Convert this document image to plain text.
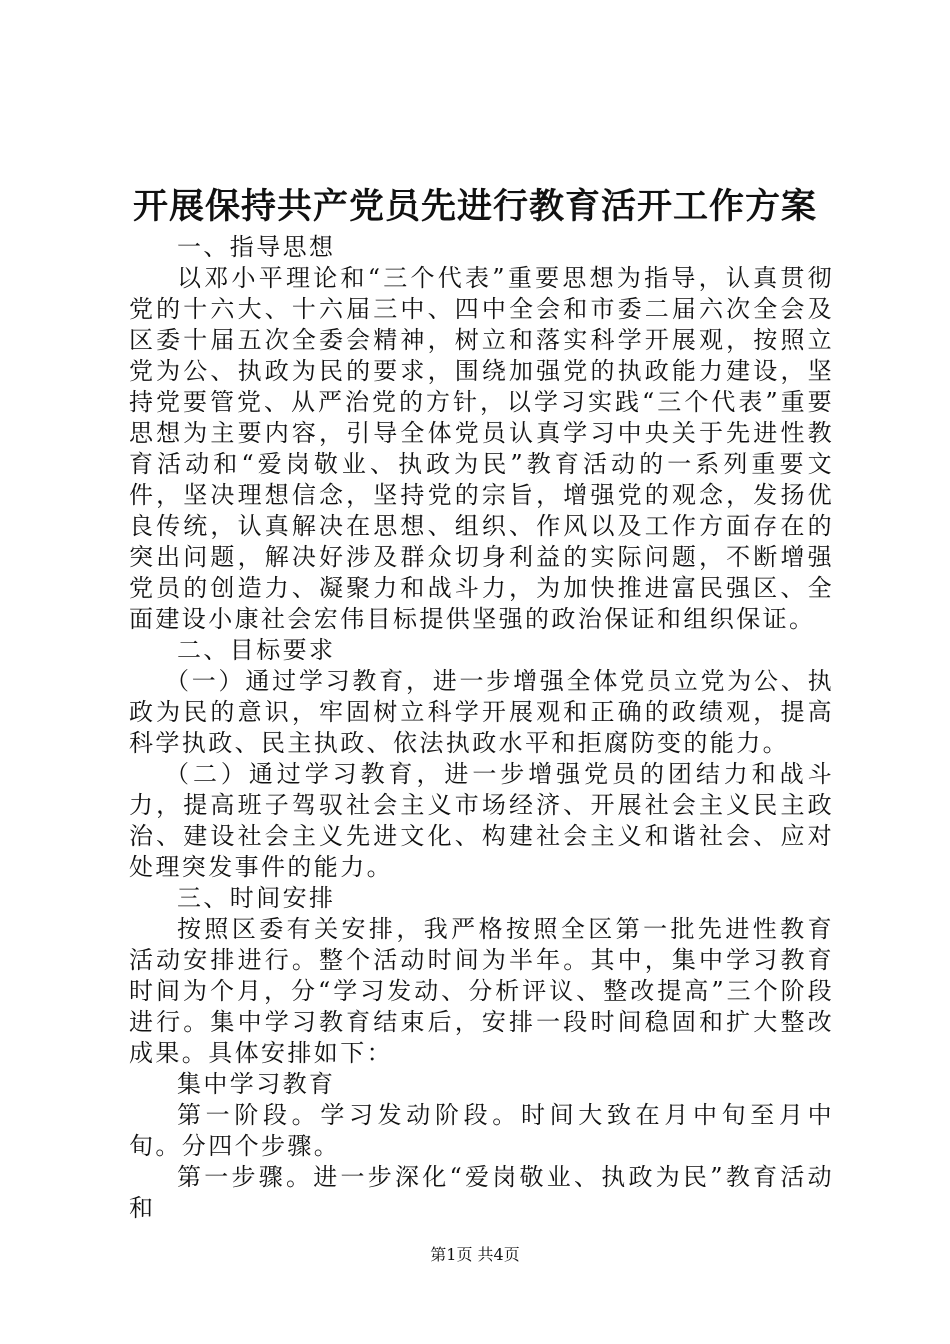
开展保持共产党员先进行教育活开工作方案

一、指导思想

以邓小平理论和“三个代表”重要思想为指导，认真贯彻党的十六大、十六届三中、四中全会和市委二届六次全会及区委十届五次全委会精神，树立和落实科学开展观，按照立党为公、执政为民的要求，围绕加强党的执政能力建设，坚持党要管党、从严治党的方针，以学习实践“三个代表”重要思想为主要内容，引导全体党员认真学习中央关于先进性教育活动和“爱岗敬业、执政为民”教育活动的一系列重要文件，坚决理想信念，坚持党的宗旨，增强党的观念，发扬优良传统，认真解决在思想、组织、作风以及工作方面存在的突出问题，解决好涉及群众切身利益的实际问题，不断增强党员的创造力、凝聚力和战斗力，为加快推进富民强区、全面建设小康社会宏伟目标提供坚强的政治保证和组织保证。

二、目标要求

（一）通过学习教育，进一步增强全体党员立党为公、执政为民的意识，牢固树立科学开展观和正确的政绩观，提高科学执政、民主执政、依法执政水平和拒腐防变的能力。

（二）通过学习教育，进一步增强党员的团结力和战斗力，提高班子驾驭社会主义市场经济、开展社会主义民主政治、建设社会主义先进文化、构建社会主义和谐社会、应对处理突发事件的能力。

三、时间安排

按照区委有关安排，我严格按照全区第一批先进性教育活动安排进行。整个活动时间为半年。其中，集中学习教育时间为个月，分“学习发动、分析评议、整改提高”三个阶段进行。集中学习教育结束后，安排一段时间稳固和扩大整改成果。具体安排如下：

集中学习教育

第一阶段。学习发动阶段。时间大致在月中旬至月中旬。分四个步骤。

第一步骤。进一步深化“爱岗敬业、执政为民”教育活动和

第1页 共4页
